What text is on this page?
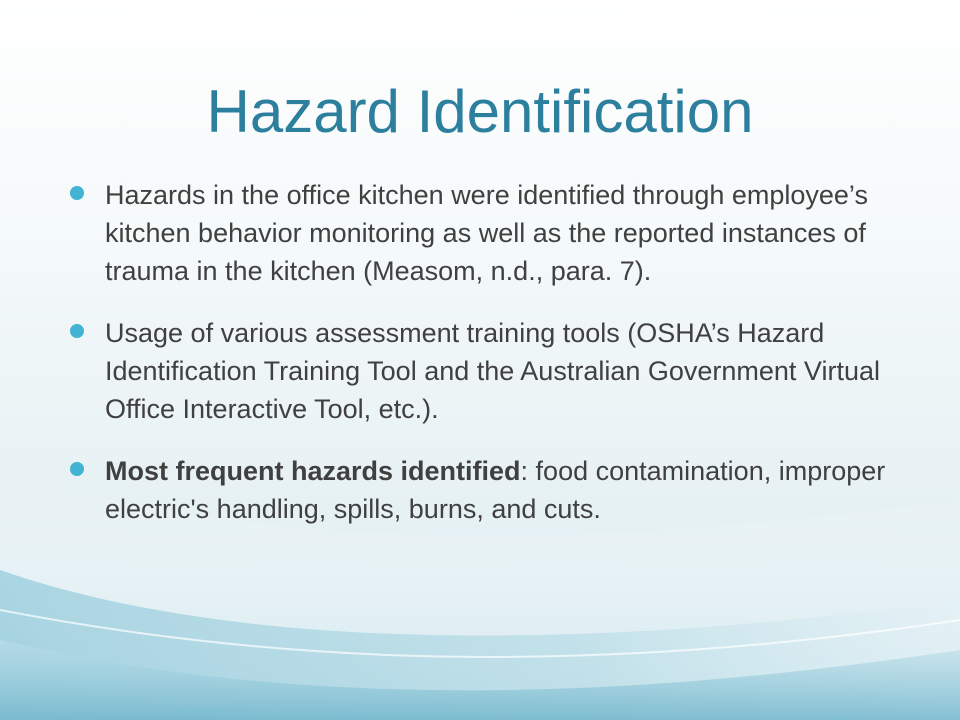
Hazard Identification
Hazards in the office kitchen were identified through employee’s kitchen behavior monitoring as well as the reported instances of trauma in the kitchen (Measom, n.d., para. 7).
Usage of various assessment training tools (OSHA’s Hazard Identification Training Tool and the Australian Government Virtual Office Interactive Tool, etc.).
Most frequent hazards identified: food contamination, improper electric's handling, spills, burns, and cuts.
